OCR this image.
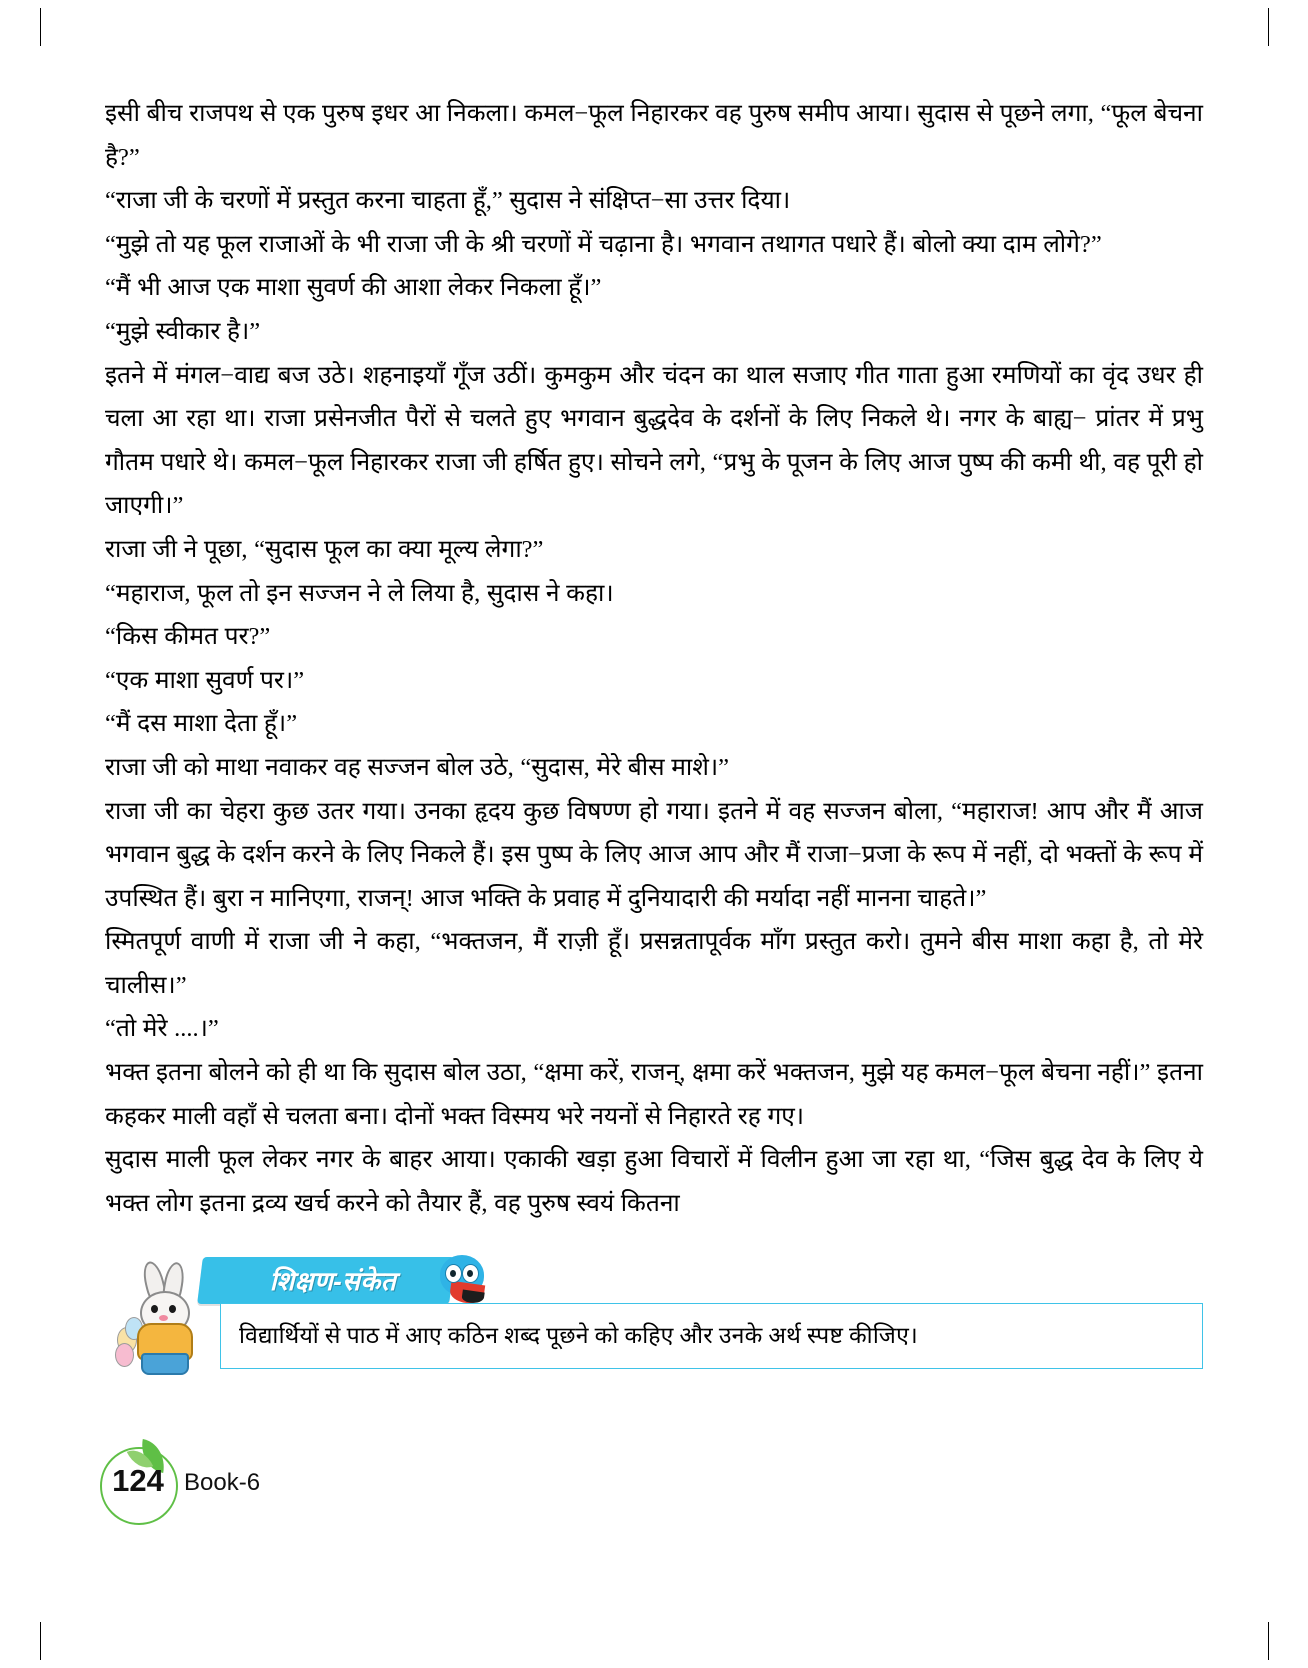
इसी बीच राजपथ से एक पुरुष इधर आ निकला। कमल−फूल निहारकर वह पुरुष समीप आया। सुदास से पूछने लगा, “फूल बेचना है?”

“राजा जी के चरणों में प्रस्तुत करना चाहता हूँ,” सुदास ने संक्षिप्त−सा उत्तर दिया।

“मुझे तो यह फूल राजाओं के भी राजा जी के श्री चरणों में चढ़ाना है। भगवान तथागत पधारे हैं। बोलो क्या दाम लोगे?”

“मैं भी आज एक माशा सुवर्ण की आशा लेकर निकला हूँ।”

“मुझे स्वीकार है।”

इतने में मंगल−वाद्य बज उठे। शहनाइयाँ गूँज उठीं। कुमकुम और चंदन का थाल सजाए गीत गाता हुआ रमणियों का वृंद उधर ही चला आ रहा था। राजा प्रसेनजीत पैरों से चलते हुए भगवान बुद्धदेव के दर्शनों के लिए निकले थे। नगर के बाह्य− प्रांतर में प्रभु गौतम पधारे थे। कमल−फूल निहारकर राजा जी हर्षित हुए। सोचने लगे, “प्रभु के पूजन के लिए आज पुष्प की कमी थी, वह पूरी हो जाएगी।”

राजा जी ने पूछा, “सुदास फूल का क्या मूल्य लेगा?”

“महाराज, फूल तो इन सज्जन ने ले लिया है, सुदास ने कहा।

“किस कीमत पर?”

“एक माशा सुवर्ण पर।”

“मैं दस माशा देता हूँ।”

राजा जी को माथा नवाकर वह सज्जन बोल उठे, “सुदास, मेरे बीस माशे।”

राजा जी का चेहरा कुछ उतर गया। उनका हृदय कुछ विषण्ण हो गया। इतने में वह सज्जन बोला, “महाराज! आप और मैं आज भगवान बुद्ध के दर्शन करने के लिए निकले हैं। इस पुष्प के लिए आज आप और मैं राजा−प्रजा के रूप में नहीं, दो भक्तों के रूप में उपस्थित हैं। बुरा न मानिएगा, राजन्! आज भक्ति के प्रवाह में दुनियादारी की मर्यादा नहीं मानना चाहते।”

स्मितपूर्ण वाणी में राजा जी ने कहा, “भक्तजन, मैं राज़ी हूँ। प्रसन्नतापूर्वक माँग प्रस्तुत करो। तुमने बीस माशा कहा है, तो मेरे चालीस।”

“तो मेरे ....।”

भक्त इतना बोलने को ही था कि सुदास बोल उठा, “क्षमा करें, राजन्, क्षमा करें भक्तजन, मुझे यह कमल−फूल बेचना नहीं।” इतना कहकर माली वहाँ से चलता बना। दोनों भक्त विस्मय भरे नयनों से निहारते रह गए।

सुदास माली फूल लेकर नगर के बाहर आया। एकाकी खड़ा हुआ विचारों में विलीन हुआ जा रहा था, “जिस बुद्ध देव के लिए ये भक्त लोग इतना द्रव्य खर्च करने को तैयार हैं, वह पुरुष स्वयं कितना

शिक्षण-संकेत
विद्यार्थियों से पाठ में आए कठिन शब्द पूछने को कहिए और उनके अर्थ स्पष्ट कीजिए।
124 Book-6
